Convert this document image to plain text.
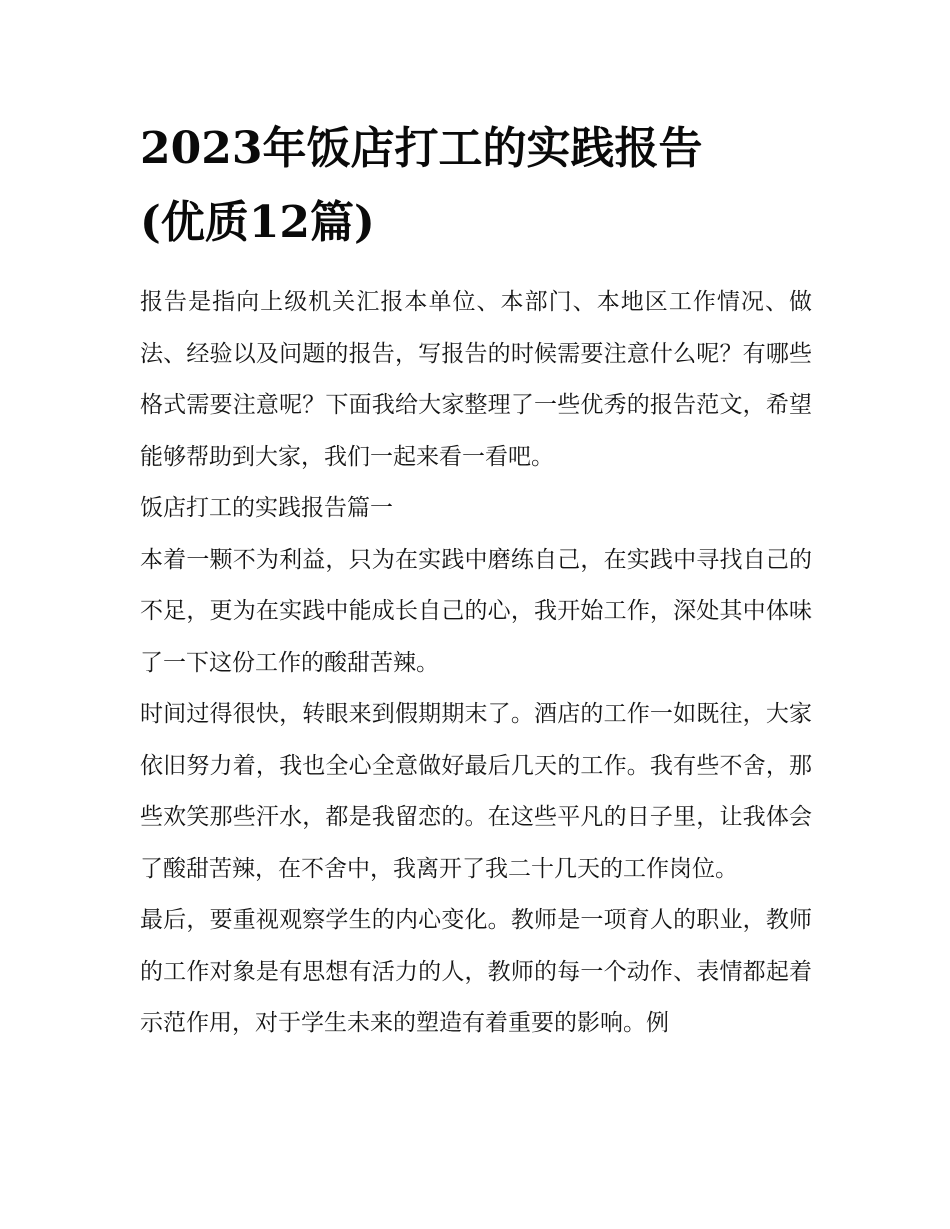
2023年饭店打工的实践报告
(优质12篇)

报告是指向上级机关汇报本单位、本部门、本地区工作情况、做法、经验以及问题的报告，写报告的时候需要注意什么呢？有哪些格式需要注意呢？下面我给大家整理了一些优秀的报告范文，希望能够帮助到大家，我们一起来看一看吧。

饭店打工的实践报告篇一

本着一颗不为利益，只为在实践中磨练自己，在实践中寻找自己的不足，更为在实践中能成长自己的心，我开始工作，深处其中体味了一下这份工作的酸甜苦辣。

时间过得很快，转眼来到假期期末了。酒店的工作一如既往，大家依旧努力着，我也全心全意做好最后几天的工作。我有些不舍，那些欢笑那些汗水，都是我留恋的。在这些平凡的日子里，让我体会了酸甜苦辣，在不舍中，我离开了我二十几天的工作岗位。

最后，要重视观察学生的内心变化。教师是一项育人的职业，教师的工作对象是有思想有活力的人，教师的每一个动作、表情都起着示范作用，对于学生未来的塑造有着重要的影响。例
